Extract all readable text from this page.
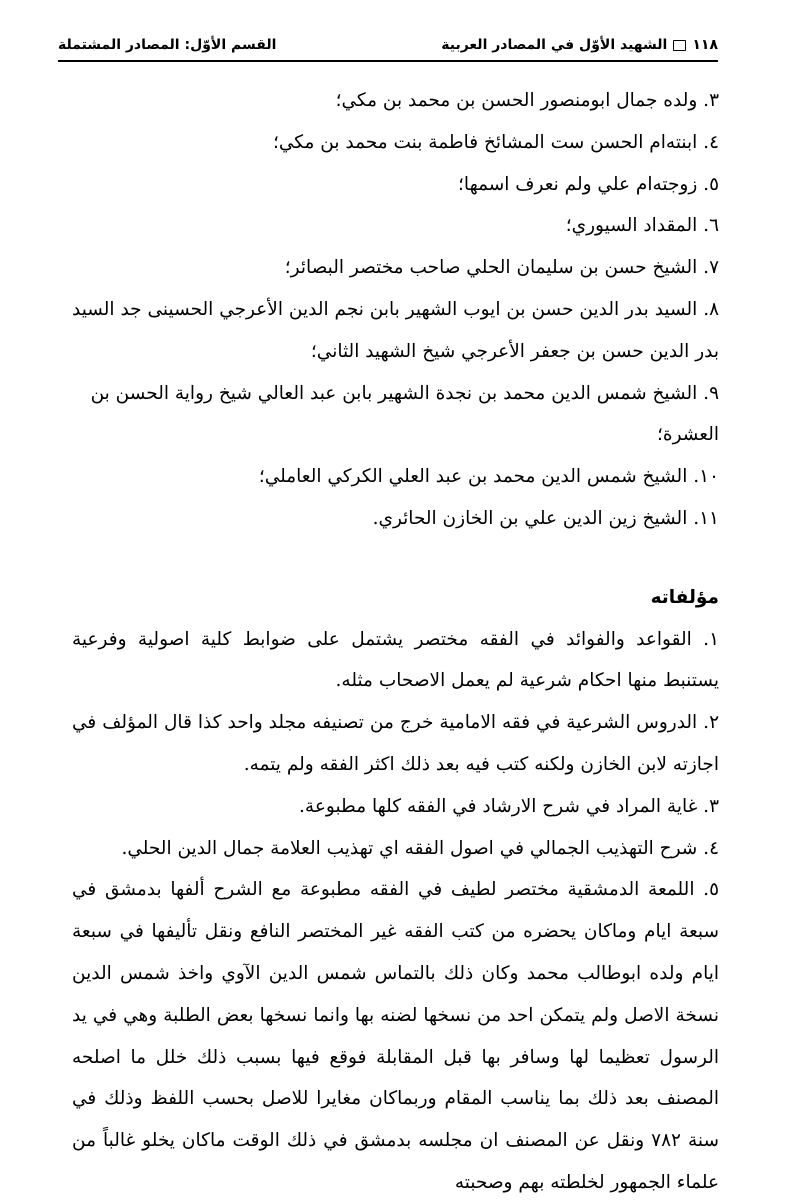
١١٨
الشهيد الأوّل في المصادر العربية
القسم الأوّل: المصادر المشتملة

٣. ولده جمال ابومنصور الحسن بن محمد بن مكي؛

٤. ابنته‌ام الحسن ست المشائخ فاطمة بنت محمد بن مكي؛

٥. زوجته‌ام علي ولم نعرف اسمها؛

٦. المقداد السيوري؛

٧. الشيخ حسن بن سليمان الحلي صاحب مختصر البصائر؛

٨. السيد بدر الدين حسن بن ايوب الشهير بابن نجم الدين الأعرجي الحسينى جد السيد بدر الدين حسن بن جعفر الأعرجي شيخ الشهيد الثاني؛

٩. الشيخ شمس الدين محمد بن نجدة الشهير بابن عبد العالي شيخ رواية الحسن بن العشرة؛

١٠. الشيخ شمس الدين محمد بن عبد العلي الكركي العاملي؛

١١. الشيخ زين الدين علي بن الخازن الحائري.

مؤلفاته

١. القواعد والفوائد في الفقه مختصر يشتمل على ضوابط كلية اصولية وفرعية يستنبط منها احكام شرعية لم يعمل الاصحاب مثله.

٢. الدروس الشرعية في فقه الامامية خرج من تصنيفه مجلد واحد كذا قال المؤلف في اجازته لابن الخازن ولكنه كتب فيه بعد ذلك اكثر الفقه ولم يتمه.

٣. غاية المراد في شرح الارشاد في الفقه كلها مطبوعة.

٤. شرح التهذيب الجمالي في اصول الفقه اي تهذيب العلامة جمال الدين الحلي.

٥. اللمعة الدمشقية مختصر لطيف في الفقه مطبوعة مع الشرح ألفها بدمشق في سبعة ايام وماكان يحضره من كتب الفقه غير المختصر النافع ونقل تأليفها في سبعة ايام ولده ابوطالب محمد وكان ذلك بالتماس شمس الدين الآوي واخذ شمس الدين نسخة الاصل ولم يتمكن احد من نسخها لضنه بها وانما نسخها بعض الطلبة وهي في يد الرسول تعظيما لها وسافر بها قبل المقابلة فوقع فيها بسبب ذلك خلل ما اصلحه المصنف بعد ذلك بما يناسب المقام وربماكان مغايرا للاصل بحسب اللفظ وذلك في سنة ٧٨٢ ونقل عن المصنف ان مجلسه بدمشق في ذلك الوقت ماكان يخلو غالباً من علماء الجمهور لخلطته بهم وصحبته
